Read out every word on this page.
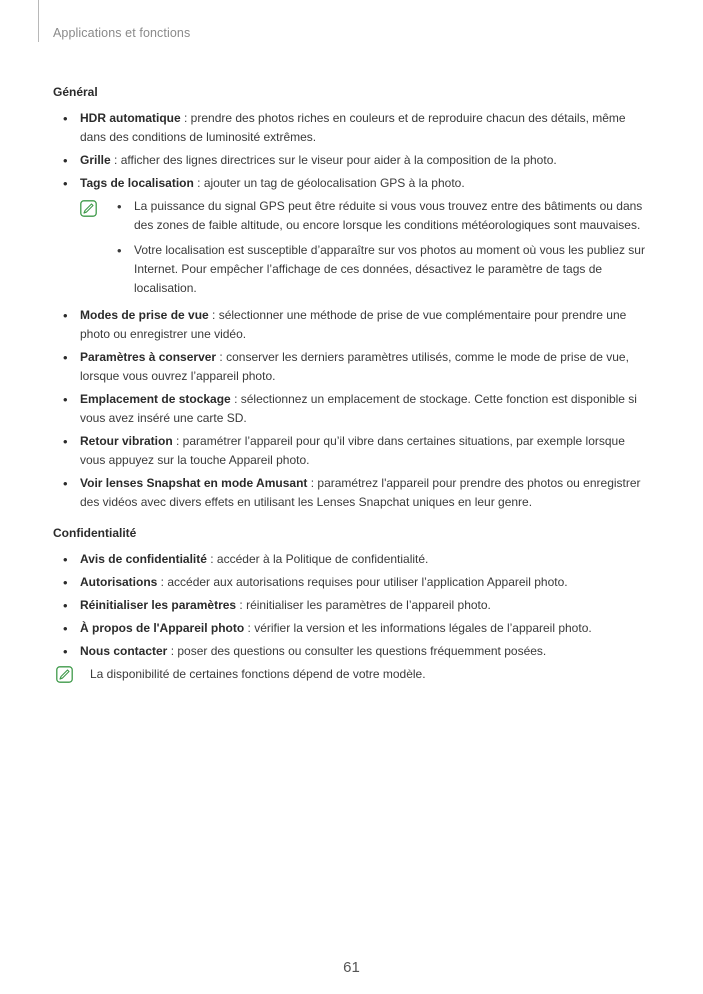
Applications et fonctions
Général
• HDR automatique : prendre des photos riches en couleurs et de reproduire chacun des détails, même dans des conditions de luminosité extrêmes.
• Grille : afficher des lignes directrices sur le viseur pour aider à la composition de la photo.
• Tags de localisation : ajouter un tag de géolocalisation GPS à la photo.
• La puissance du signal GPS peut être réduite si vous vous trouvez entre des bâtiments ou dans des zones de faible altitude, ou encore lorsque les conditions météorologiques sont mauvaises.
• Votre localisation est susceptible d’apparaître sur vos photos au moment où vous les publiez sur Internet. Pour empêcher l’affichage de ces données, désactivez le paramètre de tags de localisation.
• Modes de prise de vue : sélectionner une méthode de prise de vue complémentaire pour prendre une photo ou enregistrer une vidéo.
• Paramètres à conserver : conserver les derniers paramètres utilisés, comme le mode de prise de vue, lorsque vous ouvrez l’appareil photo.
• Emplacement de stockage : sélectionnez un emplacement de stockage. Cette fonction est disponible si vous avez inséré une carte SD.
• Retour vibration : paramétrer l’appareil pour qu’il vibre dans certaines situations, par exemple lorsque vous appuyez sur la touche Appareil photo.
• Voir lenses Snapshat en mode Amusant : paramétrez l'appareil pour prendre des photos ou enregistrer des vidéos avec divers effets en utilisant les Lenses Snapchat uniques en leur genre.
Confidentialité
• Avis de confidentialité : accéder à la Politique de confidentialité.
• Autorisations : accéder aux autorisations requises pour utiliser l’application Appareil photo.
• Réinitialiser les paramètres : réinitialiser les paramètres de l’appareil photo.
• À propos de l'Appareil photo : vérifier la version et les informations légales de l’appareil photo.
• Nous contacter : poser des questions ou consulter les questions fréquemment posées.
La disponibilité de certaines fonctions dépend de votre modèle.
61
